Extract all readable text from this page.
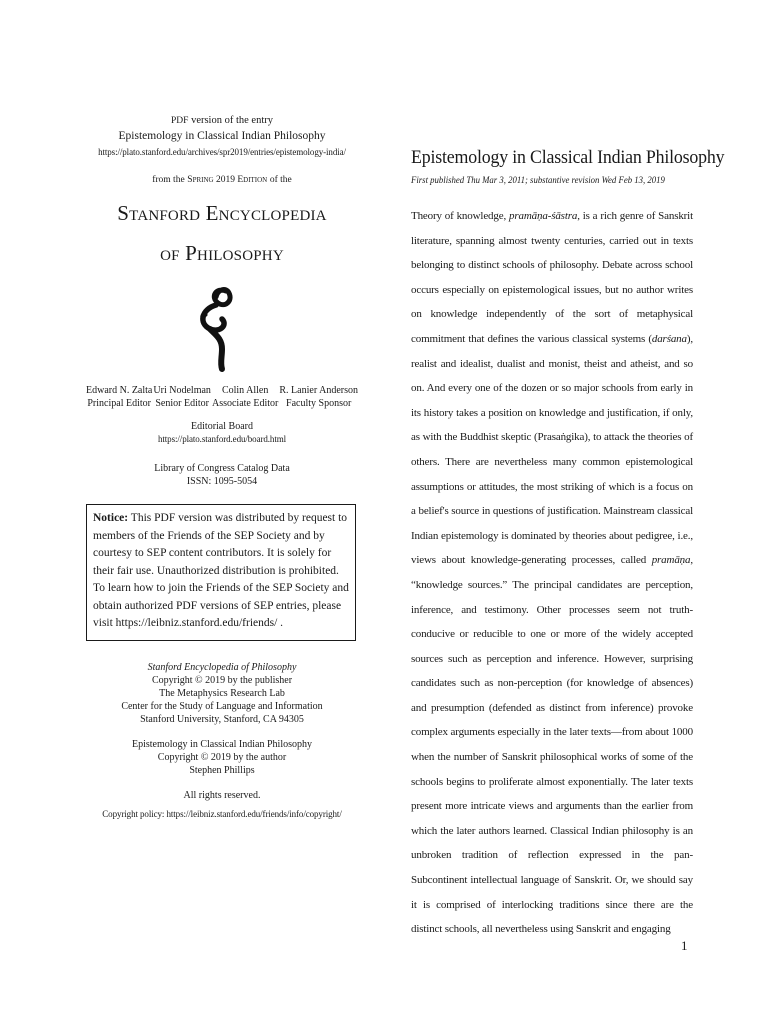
PDF version of the entry
Epistemology in Classical Indian Philosophy
https://plato.stanford.edu/archives/spr2019/entries/epistemology-india/
from the Spring 2019 Edition of the
Stanford Encyclopedia
of Philosophy
Edward N. Zalta
Principal Editor
Uri Nodelman
Senior Editor
Colin Allen
Associate Editor
R. Lanier Anderson
Faculty Sponsor
Editorial Board
https://plato.stanford.edu/board.html
Library of Congress Catalog Data
ISSN: 1095-5054
Notice: This PDF version was distributed by request to members of the Friends of the SEP Society and by courtesy to SEP content contributors. It is solely for their fair use. Unauthorized distribution is prohibited. To learn how to join the Friends of the SEP Society and obtain authorized PDF versions of SEP entries, please visit https://leibniz.stanford.edu/friends/ .
Stanford Encyclopedia of Philosophy
Copyright © 2019 by the publisher
The Metaphysics Research Lab
Center for the Study of Language and Information
Stanford University, Stanford, CA 94305
Epistemology in Classical Indian Philosophy
Copyright © 2019 by the author
Stephen Phillips
All rights reserved.
Copyright policy: https://leibniz.stanford.edu/friends/info/copyright/
Epistemology in Classical Indian Philosophy
First published Thu Mar 3, 2011; substantive revision Wed Feb 13, 2019

Theory of knowledge, pramāṇa-śāstra, is a rich genre of Sanskrit literature, spanning almost twenty centuries, carried out in texts belonging to distinct schools of philosophy. Debate across school occurs especially on epistemological issues, but no author writes on knowledge independently of the sort of metaphysical commitment that defines the various classical systems (darśana), realist and idealist, dualist and monist, theist and atheist, and so on. And every one of the dozen or so major schools from early in its history takes a position on knowledge and justification, if only, as with the Buddhist skeptic (Prasaṅgika), to attack the theories of others. There are nevertheless many common epistemological assumptions or attitudes, the most striking of which is a focus on a belief's source in questions of justification. Mainstream classical Indian epistemology is dominated by theories about pedigree, i.e., views about knowledge-generating processes, called pramāṇa, “knowledge sources.” The principal candidates are perception, inference, and testimony. Other processes seem not truth-conducive or reducible to one or more of the widely accepted sources such as perception and inference. However, surprising candidates such as non-perception (for knowledge of absences) and presumption (defended as distinct from inference) provoke complex arguments especially in the later texts—from about 1000 when the number of Sanskrit philosophical works of some of the schools begins to proliferate almost exponentially. The later texts present more intricate views and arguments than the earlier from which the later authors learned. Classical Indian philosophy is an unbroken tradition of reflection expressed in the pan-Subcontinent intellectual language of Sanskrit. Or, we should say it is comprised of interlocking traditions since there are the distinct schools, all nevertheless using Sanskrit and engaging

1
